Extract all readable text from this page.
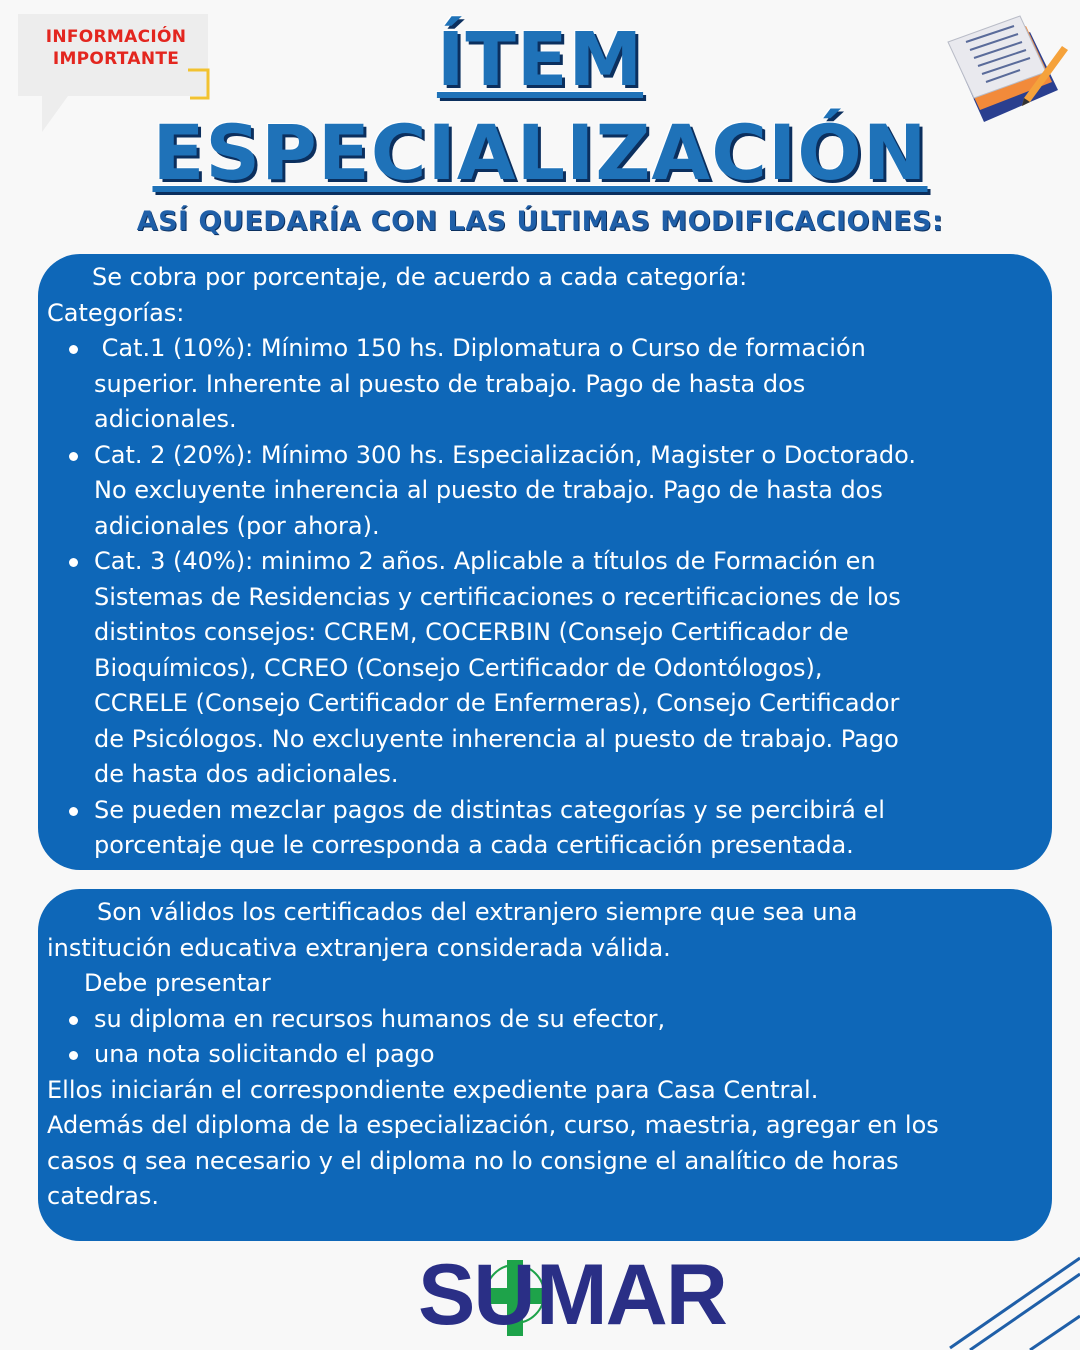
INFORMACIÓN
IMPORTANTE	ÍTEM
ESPECIALIZACIÓN
ASÍ QUEDARÍA CON LAS ÚLTIMAS MODIFICACIONES:
Se cobra por porcentaje, de acuerdo a cada categoría:
Categorías:
Cat.1 (10%): Mínimo 150 hs. Diplomatura o Curso de formación
superior. Inherente al puesto de trabajo. Pago de hasta dos
adicionales.
Cat. 2 (20%): Mínimo 300 hs. Especialización, Magister o Doctorado.
No excluyente inherencia al puesto de trabajo. Pago de hasta dos
adicionales (por ahora).
Cat. 3 (40%): minimo 2 años. Aplicable a títulos de Formación en
Sistemas de Residencias y certificaciones o recertificaciones de los
distintos consejos: CCREM, COCERBIN (Consejo Certificador de
Bioquímicos), CCREO (Consejo Certificador de Odontólogos),
CCRELE (Consejo Certificador de Enfermeras), Consejo Certificador
de Psicólogos. No excluyente inherencia al puesto de trabajo. Pago
de hasta dos adicionales.
Se pueden mezclar pagos de distintas categorías y se percibirá el
porcentaje que le corresponda a cada certificación presentada.
Son válidos los certificados del extranjero siempre que sea una
institución educativa extranjera considerada válida.
Debe presentar
su diploma en recursos humanos de su efector,
una nota solicitando el pago
Ellos iniciarán el correspondiente expediente para Casa Central.
Además del diploma de la especialización, curso, maestria, agregar en los
casos q sea necesario y el diploma no lo consigne el analítico de horas
catedras.
SU MAR
